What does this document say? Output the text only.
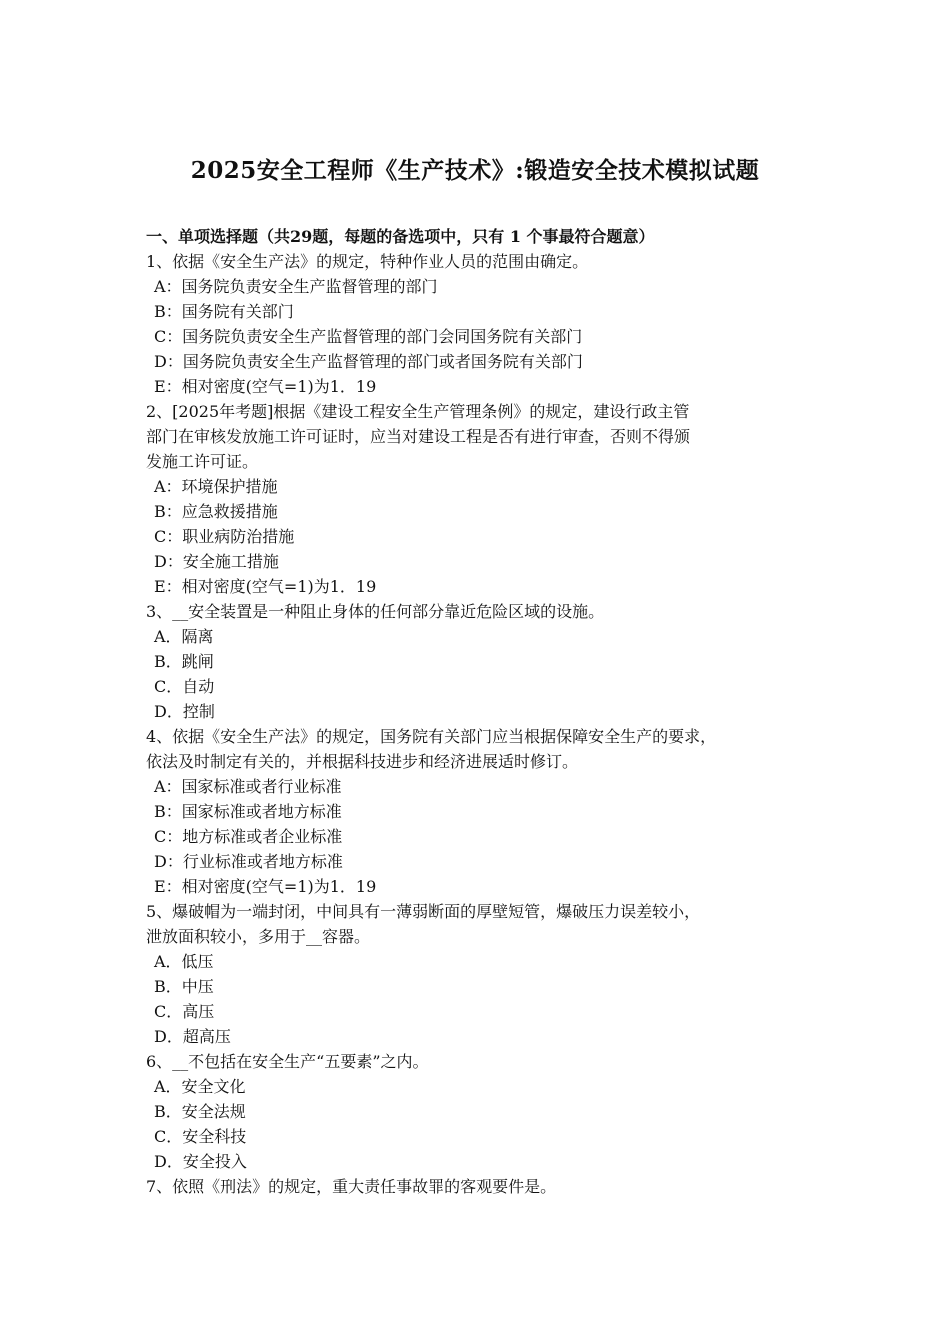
2025安全工程师《生产技术》:锻造安全技术模拟试题
一、单项选择题（共29题，每题的备选项中，只有 1 个事最符合题意）
1、依据《安全生产法》的规定，特种作业人员的范围由确定。
A：国务院负责安全生产监督管理的部门
B：国务院有关部门
C：国务院负责安全生产监督管理的部门会同国务院有关部门
D：国务院负责安全生产监督管理的部门或者国务院有关部门
E：相对密度(空气=1)为1．19
2、[2025年考题]根据《建设工程安全生产管理条例》的规定，建设行政主管
部门在审核发放施工许可证时，应当对建设工程是否有进行审查，否则不得颁
发施工许可证。
A：环境保护措施
B：应急救援措施
C：职业病防治措施
D：安全施工措施
E：相对密度(空气=1)为1．19
3、__安全装置是一种阻止身体的任何部分靠近危险区域的设施。
A．隔离
B．跳闸
C．自动
D．控制
4、依据《安全生产法》的规定，国务院有关部门应当根据保障安全生产的要求，
依法及时制定有关的，并根据科技进步和经济进展适时修订。
A：国家标准或者行业标准
B：国家标准或者地方标准
C：地方标准或者企业标准
D：行业标准或者地方标准
E：相对密度(空气=1)为1．19
5、爆破帽为一端封闭，中间具有一薄弱断面的厚壁短管，爆破压力误差较小，
泄放面积较小，多用于__容器。
A．低压
B．中压
C．高压
D．超高压
6、__不包括在安全生产“五要素”之内。
A．安全文化
B．安全法规
C．安全科技
D．安全投入
7、依照《刑法》的规定，重大责任事故罪的客观要件是。
